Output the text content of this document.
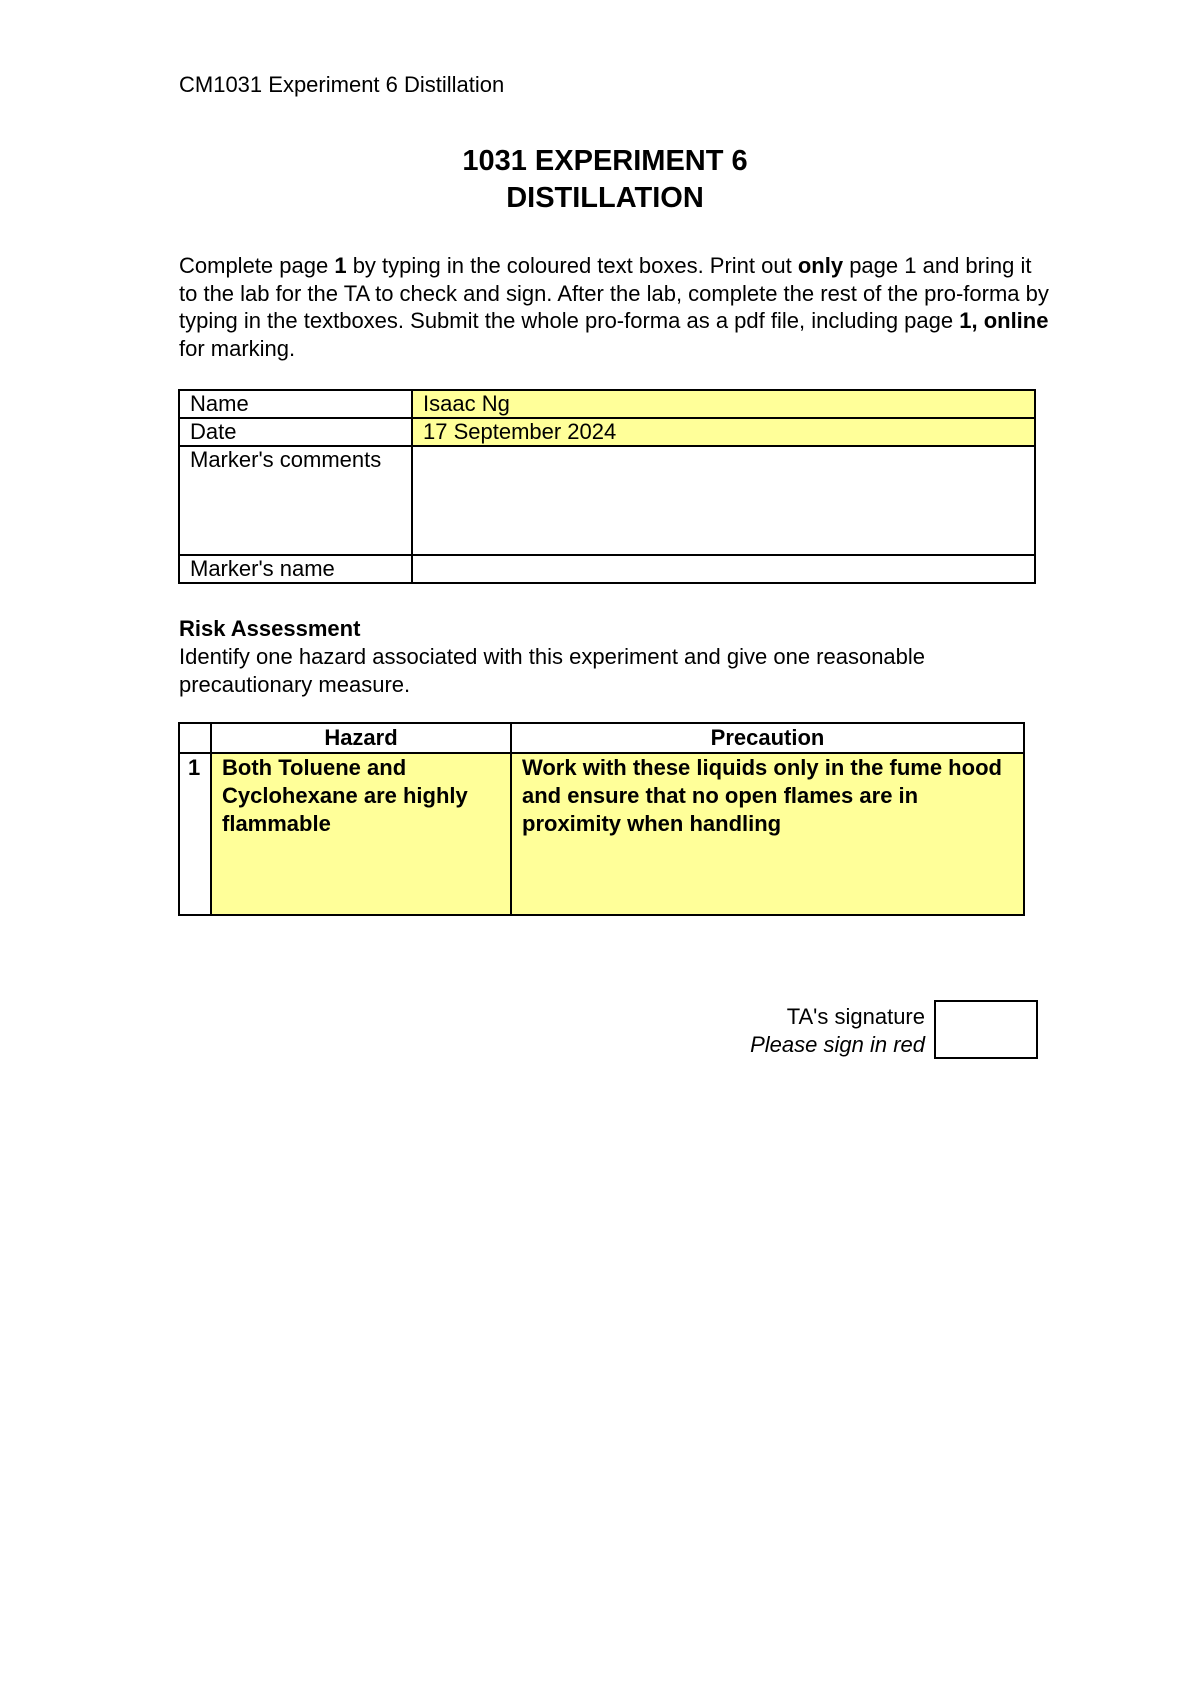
CM1031 Experiment 6 Distillation
1031 EXPERIMENT 6
DISTILLATION
Complete page 1 by typing in the coloured text boxes. Print out only page 1 and bring it to the lab for the TA to check and sign. After the lab, complete the rest of the pro-forma by typing in the textboxes. Submit the whole pro-forma as a pdf file, including page 1, online for marking.
Name	Isaac Ng
Date	17 September 2024
Marker's comments	
Marker's name	
Risk Assessment
Identify one hazard associated with this experiment and give one reasonable precautionary measure.
	Hazard	Precaution
1	Both Toluene and Cyclohexane are highly flammable	Work with these liquids only in the fume hood and ensure that no open flames are in proximity when handling
TA's signature
Please sign in red
